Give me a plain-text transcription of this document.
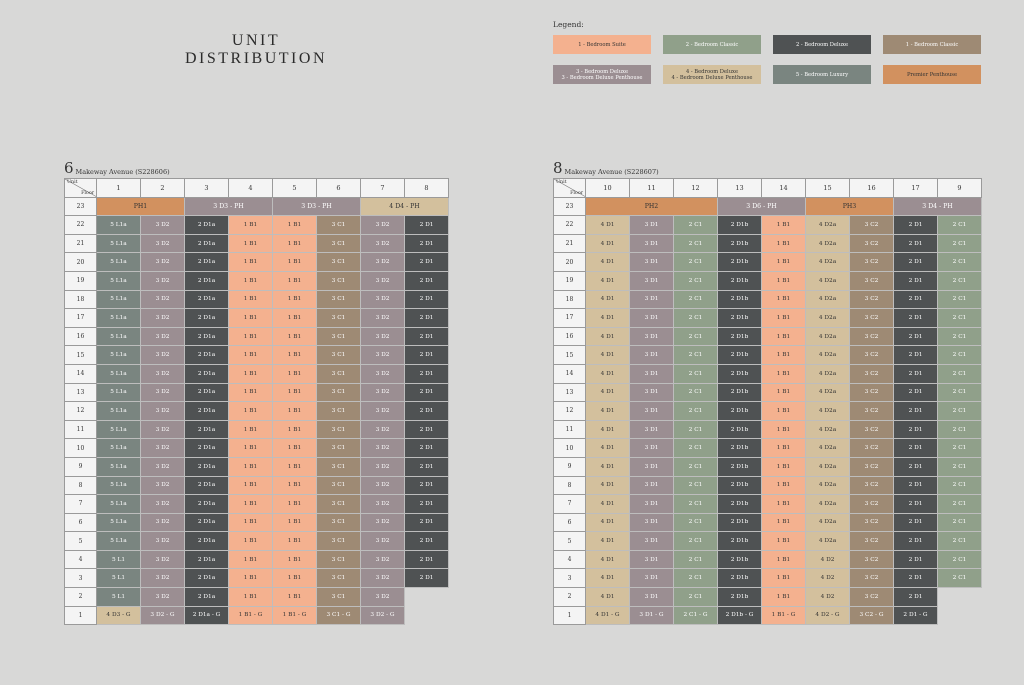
UNIT
DISTRIBUTION
Legend:
1 - Bedroom Suite	2 - Bedroom Classic	2 - Bedroom Deluxe	1 - Bedroom Classic
3 - Bedroom Deluxe
3 - Bedroom Deluxe Penthouse
4 - Bedroom Deluxe
4 - Bedroom Deluxe Penthouse	5 - Bedroom Luxury	Premier Penthouse
6 Makeway Avenue (S228606)
Unit
Floor	1	2	3	4	5	6	7	8
23	PH1		3 D3 - PH		3 D3 - PH		4 D4 - PH	
22	5 L1a	3 D2	2 D1a	1 B1	1 B1	3 C1	3 D2	2 D1
21	5 L1a	3 D2	2 D1a	1 B1	1 B1	3 C1	3 D2	2 D1
20	5 L1a	3 D2	2 D1a	1 B1	1 B1	3 C1	3 D2	2 D1
19	5 L1a	3 D2	2 D1a	1 B1	1 B1	3 C1	3 D2	2 D1
18	5 L1a	3 D2	2 D1a	1 B1	1 B1	3 C1	3 D2	2 D1
17	5 L1a	3 D2	2 D1a	1 B1	1 B1	3 C1	3 D2	2 D1
16	5 L1a	3 D2	2 D1a	1 B1	1 B1	3 C1	3 D2	2 D1
15	5 L1a	3 D2	2 D1a	1 B1	1 B1	3 C1	3 D2	2 D1
14	5 L1a	3 D2	2 D1a	1 B1	1 B1	3 C1	3 D2	2 D1
13	5 L1a	3 D2	2 D1a	1 B1	1 B1	3 C1	3 D2	2 D1
12	5 L1a	3 D2	2 D1a	1 B1	1 B1	3 C1	3 D2	2 D1
11	5 L1a	3 D2	2 D1a	1 B1	1 B1	3 C1	3 D2	2 D1
10	5 L1a	3 D2	2 D1a	1 B1	1 B1	3 C1	3 D2	2 D1
9	5 L1a	3 D2	2 D1a	1 B1	1 B1	3 C1	3 D2	2 D1
8	5 L1a	3 D2	2 D1a	1 B1	1 B1	3 C1	3 D2	2 D1
7	5 L1a	3 D2	2 D1a	1 B1	1 B1	3 C1	3 D2	2 D1
6	5 L1a	3 D2	2 D1a	1 B1	1 B1	3 C1	3 D2	2 D1
5	5 L1a	3 D2	2 D1a	1 B1	1 B1	3 C1	3 D2	2 D1
4	5 L1	3 D2	2 D1a	1 B1	1 B1	3 C1	3 D2	2 D1
3	5 L1	3 D2	2 D1a	1 B1	1 B1	3 C1	3 D2	2 D1
2	5 L1	3 D2	2 D1a	1 B1	1 B1	3 C1	3 D2	
1	4 D3 - G	3 D2 - G	2 D1a - G	1 B1 - G	1 B1 - G	3 C1 - G	3 D2 - G	
8 Makeway Avenue (S228607)
Unit
Floor	10	11	12	13	14	15	16	17	9
23	PH2			3 D6 - PH		PH3		3 D4 - PH	
22	4 D1	3 D1	2 C1	2 D1b	1 B1	4 D2a	3 C2	2 D1	2 C1
21	4 D1	3 D1	2 C1	2 D1b	1 B1	4 D2a	3 C2	2 D1	2 C1
20	4 D1	3 D1	2 C1	2 D1b	1 B1	4 D2a	3 C2	2 D1	2 C1
19	4 D1	3 D1	2 C1	2 D1b	1 B1	4 D2a	3 C2	2 D1	2 C1
18	4 D1	3 D1	2 C1	2 D1b	1 B1	4 D2a	3 C2	2 D1	2 C1
17	4 D1	3 D1	2 C1	2 D1b	1 B1	4 D2a	3 C2	2 D1	2 C1
16	4 D1	3 D1	2 C1	2 D1b	1 B1	4 D2a	3 C2	2 D1	2 C1
15	4 D1	3 D1	2 C1	2 D1b	1 B1	4 D2a	3 C2	2 D1	2 C1
14	4 D1	3 D1	2 C1	2 D1b	1 B1	4 D2a	3 C2	2 D1	2 C1
13	4 D1	3 D1	2 C1	2 D1b	1 B1	4 D2a	3 C2	2 D1	2 C1
12	4 D1	3 D1	2 C1	2 D1b	1 B1	4 D2a	3 C2	2 D1	2 C1
11	4 D1	3 D1	2 C1	2 D1b	1 B1	4 D2a	3 C2	2 D1	2 C1
10	4 D1	3 D1	2 C1	2 D1b	1 B1	4 D2a	3 C2	2 D1	2 C1
9	4 D1	3 D1	2 C1	2 D1b	1 B1	4 D2a	3 C2	2 D1	2 C1
8	4 D1	3 D1	2 C1	2 D1b	1 B1	4 D2a	3 C2	2 D1	2 C1
7	4 D1	3 D1	2 C1	2 D1b	1 B1	4 D2a	3 C2	2 D1	2 C1
6	4 D1	3 D1	2 C1	2 D1b	1 B1	4 D2a	3 C2	2 D1	2 C1
5	4 D1	3 D1	2 C1	2 D1b	1 B1	4 D2a	3 C2	2 D1	2 C1
4	4 D1	3 D1	2 C1	2 D1b	1 B1	4 D2	3 C2	2 D1	2 C1
3	4 D1	3 D1	2 C1	2 D1b	1 B1	4 D2	3 C2	2 D1	2 C1
2	4 D1	3 D1	2 C1	2 D1b	1 B1	4 D2	3 C2	2 D1	
1	4 D1 - G	3 D1 - G	2 C1 - G	2 D1b - G	1 B1 - G	4 D2 - G	3 C2 - G	2 D1 - G	
